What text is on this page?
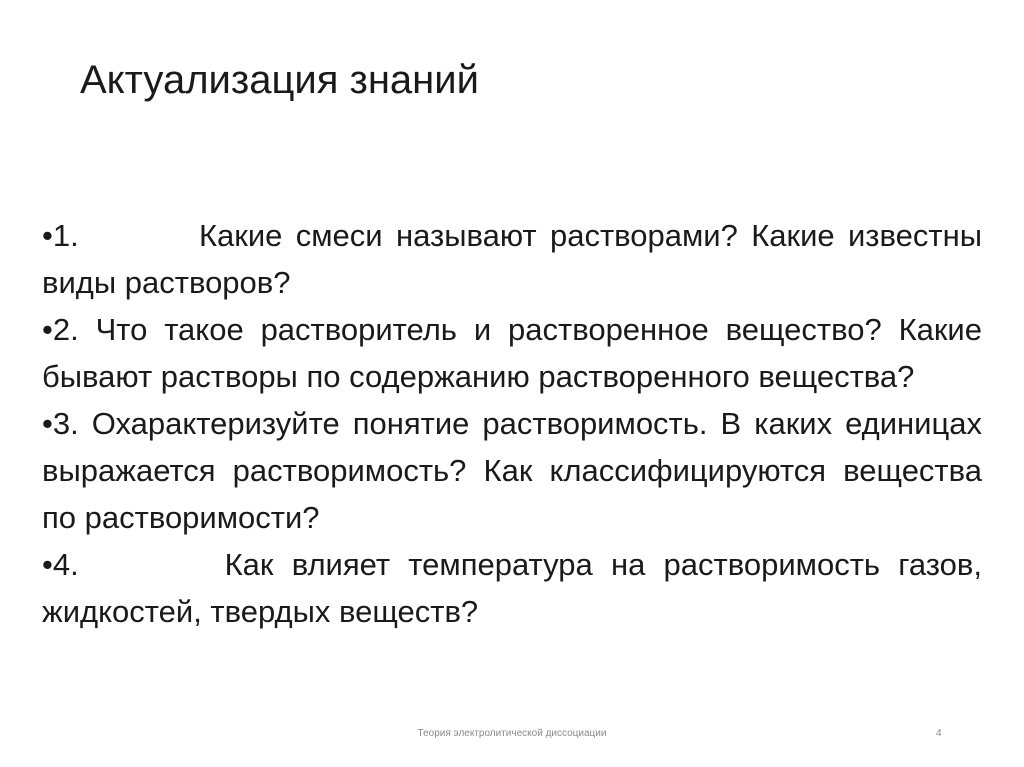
Актуализация знаний
•1.         Какие смеси называют растворами? Какие известны виды растворов?
•2. Что такое растворитель и растворенное вещество? Какие бывают растворы по содержанию растворенного вещества?
•3. Охарактеризуйте понятие растворимость. В каких единицах выражается растворимость? Как классифицируются вещества по растворимости?
•4.        Как влияет температура на растворимость газов, жидкостей, твердых веществ?
Теория электролитической диссоциации	4
